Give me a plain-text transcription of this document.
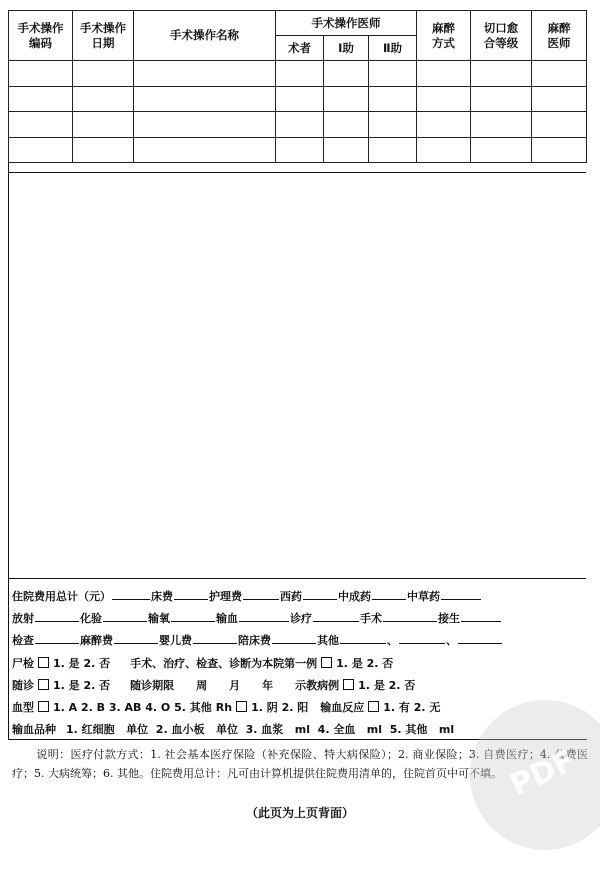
手术操作编码	手术操作日期	手术操作名称	手术操作医师			麻醉方式	切口愈合等级	麻醉医师
			术者	Ⅰ助	Ⅱ助			

住院费用总计（元）	床费	护理费	西药	中成药	中草药
放射	化验	输氧	输血	诊疗	手术	接生
检查	麻醉费	婴儿费	陪床费	其他	、	、
尸检 1. 是 2. 否 手术、治疗、检查、诊断为本院第一例 1. 是 2. 否
随诊 1. 是 2. 否 随诊期限 周 月 年 示教病例 1. 是 2. 否
血型 1. A 2. B 3. AB 4. O 5. 其他 Rh 1. 阴 2. 阳 输血反应 1. 有 2. 无
输血品种 1. 红细胞   单位  2. 血小板   单位  3. 血浆   ml  4. 全血   ml  5. 其他   ml
说明：医疗付款方式：1. 社会基本医疗保险（补充保险、特大病保险）；2. 商业保险；3. 自费医疗；4. 公费医疗；5. 大病统筹；6. 其他。住院费用总计：凡可由计算机提供住院费用清单的，住院首页中可不填。
（此页为上页背面）
PDF
